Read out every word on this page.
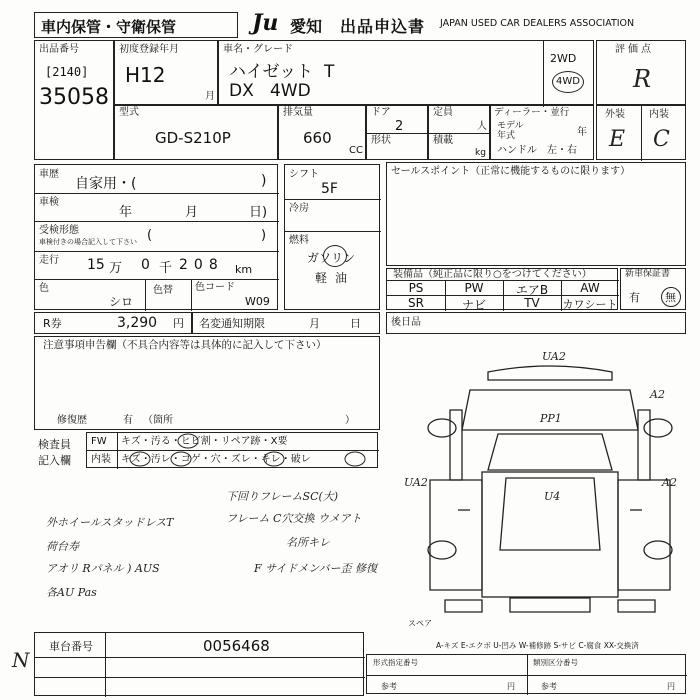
車内保管・守衛保管	Ju 愛知 出品申込書 JAPAN USED CAR DEALERS ASSOCIATION
出品番号
[2140]
35058
初度登録年月
H12
月
車名・グレード
ハイゼット  T
DX   4WD
2WD
4WD
評価点
R
型式
GD-S210P
排気量
660
CC
ドア
2
形状
定員
人
積載
kg
ディーラー・並行
モデル年式	年
ハンドル 左・右
外装 内装
E C
車歴
自家用・(	)
車検
年	月	日)
受検形態
車検付きの場合記入して下さい (	)
走行 15 万 0 千 208 km
色
シロ
色替 色コード
W09
シフト
5F
冷房
燃料
ガソリン
軽油
セールスポイント（正常に機能するものに限ります）
装備品（純正品に限り○をつけてください）
PS	PW	エアB	AW
SR	ナビ	TV	カワシート
新車保証書
有 無
R券	3,290 円 名変通知期限	月日 後日品
注意事項申告欄（不具合内容等は具体的に記入して下さい）
修復歴	有 （箇所	）
検査員
記入欄
FW キズ・汚る・ヒビ割・リペア跡・X要
内装 キズ・汚レ・コゲ・穴・ズレ・キレ・破レ
下回りフレームSC(大)
外ホイールスタッドレスT	フレーム C穴交換 ウメアト
荷台寿	名所キレ
アオリ Rパネル ) AUS	F サイドメンバー歪 修復
各AU Pas
UA2
A2
PP1
UA2
U4
A2
スペア
A-キズ E-エクボ U-凹み W-補修跡 S-サビ C-腐食 XX-交換済
車台番号	0056468
形式指定番号	類別区分番号
参考	円	参考	円
N
